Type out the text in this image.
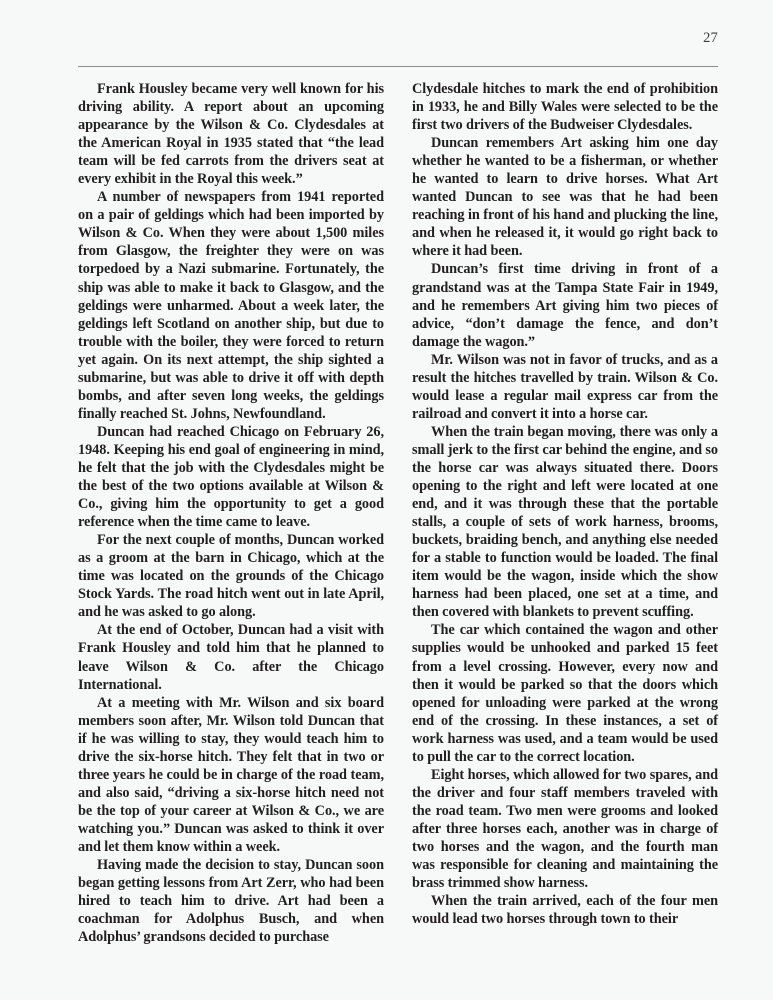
27

Frank Housley became very well known for his driving ability. A report about an upcoming appearance by the Wilson & Co. Clydesdales at the American Royal in 1935 stated that “the lead team will be fed carrots from the drivers seat at every exhibit in the Royal this week.”

A number of newspapers from 1941 reported on a pair of geldings which had been imported by Wilson & Co. When they were about 1,500 miles from Glasgow, the freighter they were on was torpedoed by a Nazi submarine. Fortunately, the ship was able to make it back to Glasgow, and the geldings were unharmed. About a week later, the geldings left Scotland on another ship, but due to trouble with the boiler, they were forced to return yet again. On its next attempt, the ship sighted a submarine, but was able to drive it off with depth bombs, and after seven long weeks, the geldings finally reached St. Johns, Newfoundland.

Duncan had reached Chicago on February 26, 1948. Keeping his end goal of engineering in mind, he felt that the job with the Clydesdales might be the best of the two options available at Wilson & Co., giving him the opportunity to get a good reference when the time came to leave.

For the next couple of months, Duncan worked as a groom at the barn in Chicago, which at the time was located on the grounds of the Chicago Stock Yards. The road hitch went out in late April, and he was asked to go along.

At the end of October, Duncan had a visit with Frank Housley and told him that he planned to leave Wilson & Co. after the Chicago International.

At a meeting with Mr. Wilson and six board members soon after, Mr. Wilson told Duncan that if he was willing to stay, they would teach him to drive the six-horse hitch. They felt that in two or three years he could be in charge of the road team, and also said, “driving a six-horse hitch need not be the top of your career at Wilson & Co., we are watching you.” Duncan was asked to think it over and let them know within a week.

Having made the decision to stay, Duncan soon began getting lessons from Art Zerr, who had been hired to teach him to drive. Art had been a coachman for Adolphus Busch, and when Adolphus’ grandsons decided to purchase

Clydesdale hitches to mark the end of prohibition in 1933, he and Billy Wales were selected to be the first two drivers of the Budweiser Clydesdales.

Duncan remembers Art asking him one day whether he wanted to be a fisherman, or whether he wanted to learn to drive horses. What Art wanted Duncan to see was that he had been reaching in front of his hand and plucking the line, and when he released it, it would go right back to where it had been.

Duncan’s first time driving in front of a grandstand was at the Tampa State Fair in 1949, and he remembers Art giving him two pieces of advice, “don’t damage the fence, and don’t damage the wagon.”

Mr. Wilson was not in favor of trucks, and as a result the hitches travelled by train. Wilson & Co. would lease a regular mail express car from the railroad and convert it into a horse car.

When the train began moving, there was only a small jerk to the first car behind the engine, and so the horse car was always situated there. Doors opening to the right and left were located at one end, and it was through these that the portable stalls, a couple of sets of work harness, brooms, buckets, braiding bench, and anything else needed for a stable to function would be loaded. The final item would be the wagon, inside which the show harness had been placed, one set at a time, and then covered with blankets to prevent scuffing.

The car which contained the wagon and other supplies would be unhooked and parked 15 feet from a level crossing. However, every now and then it would be parked so that the doors which opened for unloading were parked at the wrong end of the crossing. In these instances, a set of work harness was used, and a team would be used to pull the car to the correct location.

Eight horses, which allowed for two spares, and the driver and four staff members traveled with the road team. Two men were grooms and looked after three horses each, another was in charge of two horses and the wagon, and the fourth man was responsible for cleaning and maintaining the brass trimmed show harness.

When the train arrived, each of the four men would lead two horses through town to their
